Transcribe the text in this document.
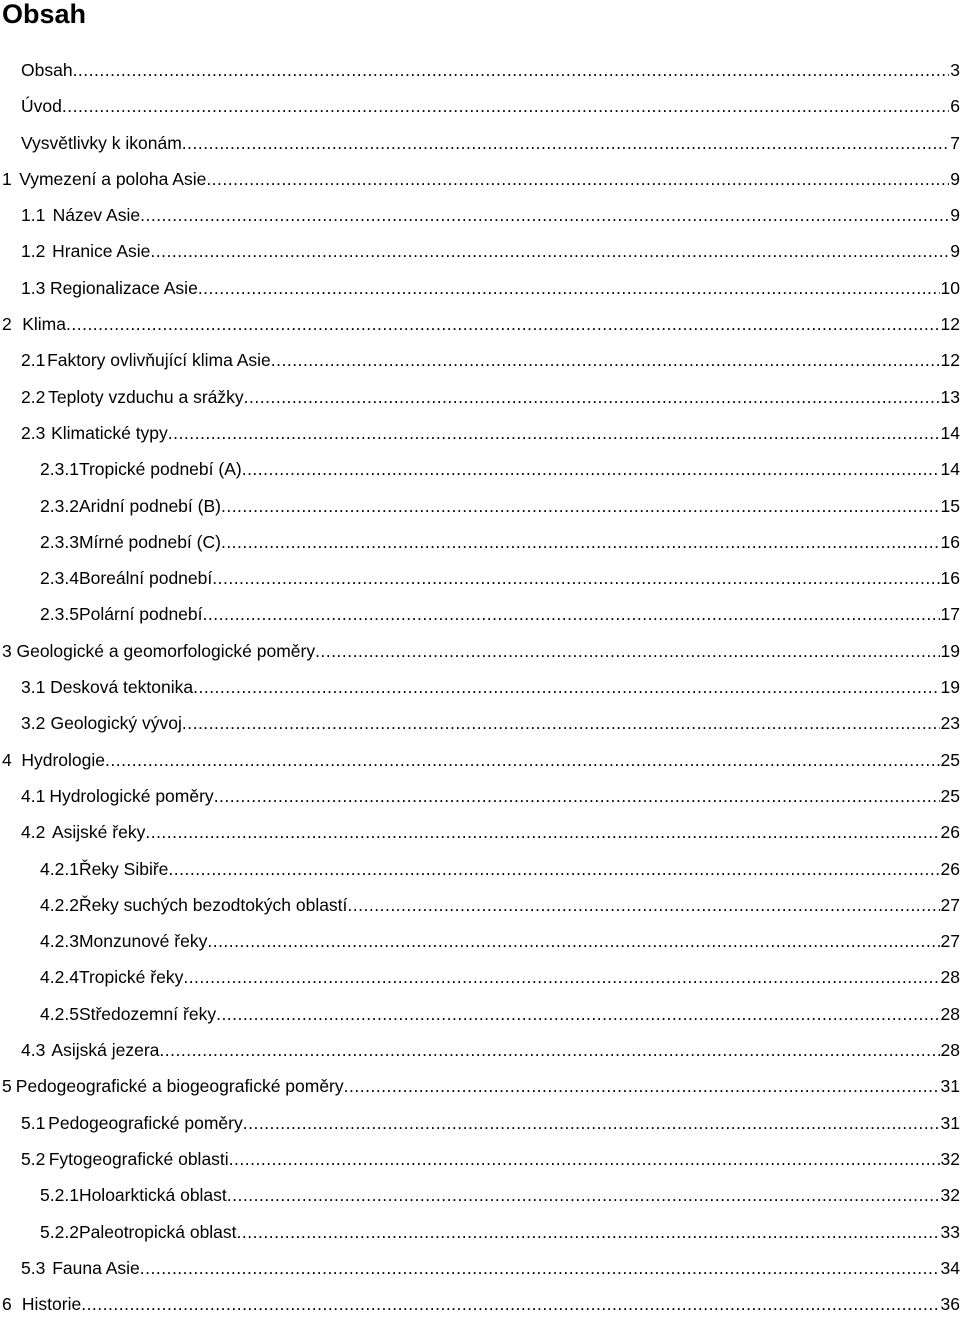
Obsah
Obsah .....	3
Úvod .....	6
Vysvětlivky k ikonám .....	7
1 Vymezení a poloha Asie .....	9
1.1 Název Asie .....	9
1.2 Hranice Asie .....	9
1.3 Regionalizace Asie .....	10
2 Klima .....	12
2.1 Faktory ovlivňující klima Asie .....	12
2.2 Teploty vzduchu a srážky .....	13
2.3 Klimatické typy .....	14
2.3.1 Tropické podnebí (A) .....	14
2.3.2 Aridní podnebí (B) .....	15
2.3.3 Mírné podnebí (C) .....	16
2.3.4 Boreální podnebí .....	16
2.3.5 Polární podnebí .....	17
3 Geologické a geomorfologické poměry .....	19
3.1 Desková tektonika .....	19
3.2 Geologický vývoj .....	23
4 Hydrologie .....	25
4.1 Hydrologické poměry .....	25
4.2 Asijské řeky .....	26
4.2.1 Řeky Sibiře .....	26
4.2.2 Řeky suchých bezodtokých oblastí .....	27
4.2.3 Monzunové řeky .....	27
4.2.4 Tropické řeky .....	28
4.2.5 Středozemní řeky .....	28
4.3 Asijská jezera .....	28
5 Pedogeografické a biogeografické poměry .....	31
5.1 Pedogeografické poměry .....	31
5.2 Fytogeografické oblasti .....	32
5.2.1 Holoarktická oblast .....	32
5.2.2 Paleotropická oblast .....	33
5.3 Fauna Asie .....	34
6 Historie .....	36
